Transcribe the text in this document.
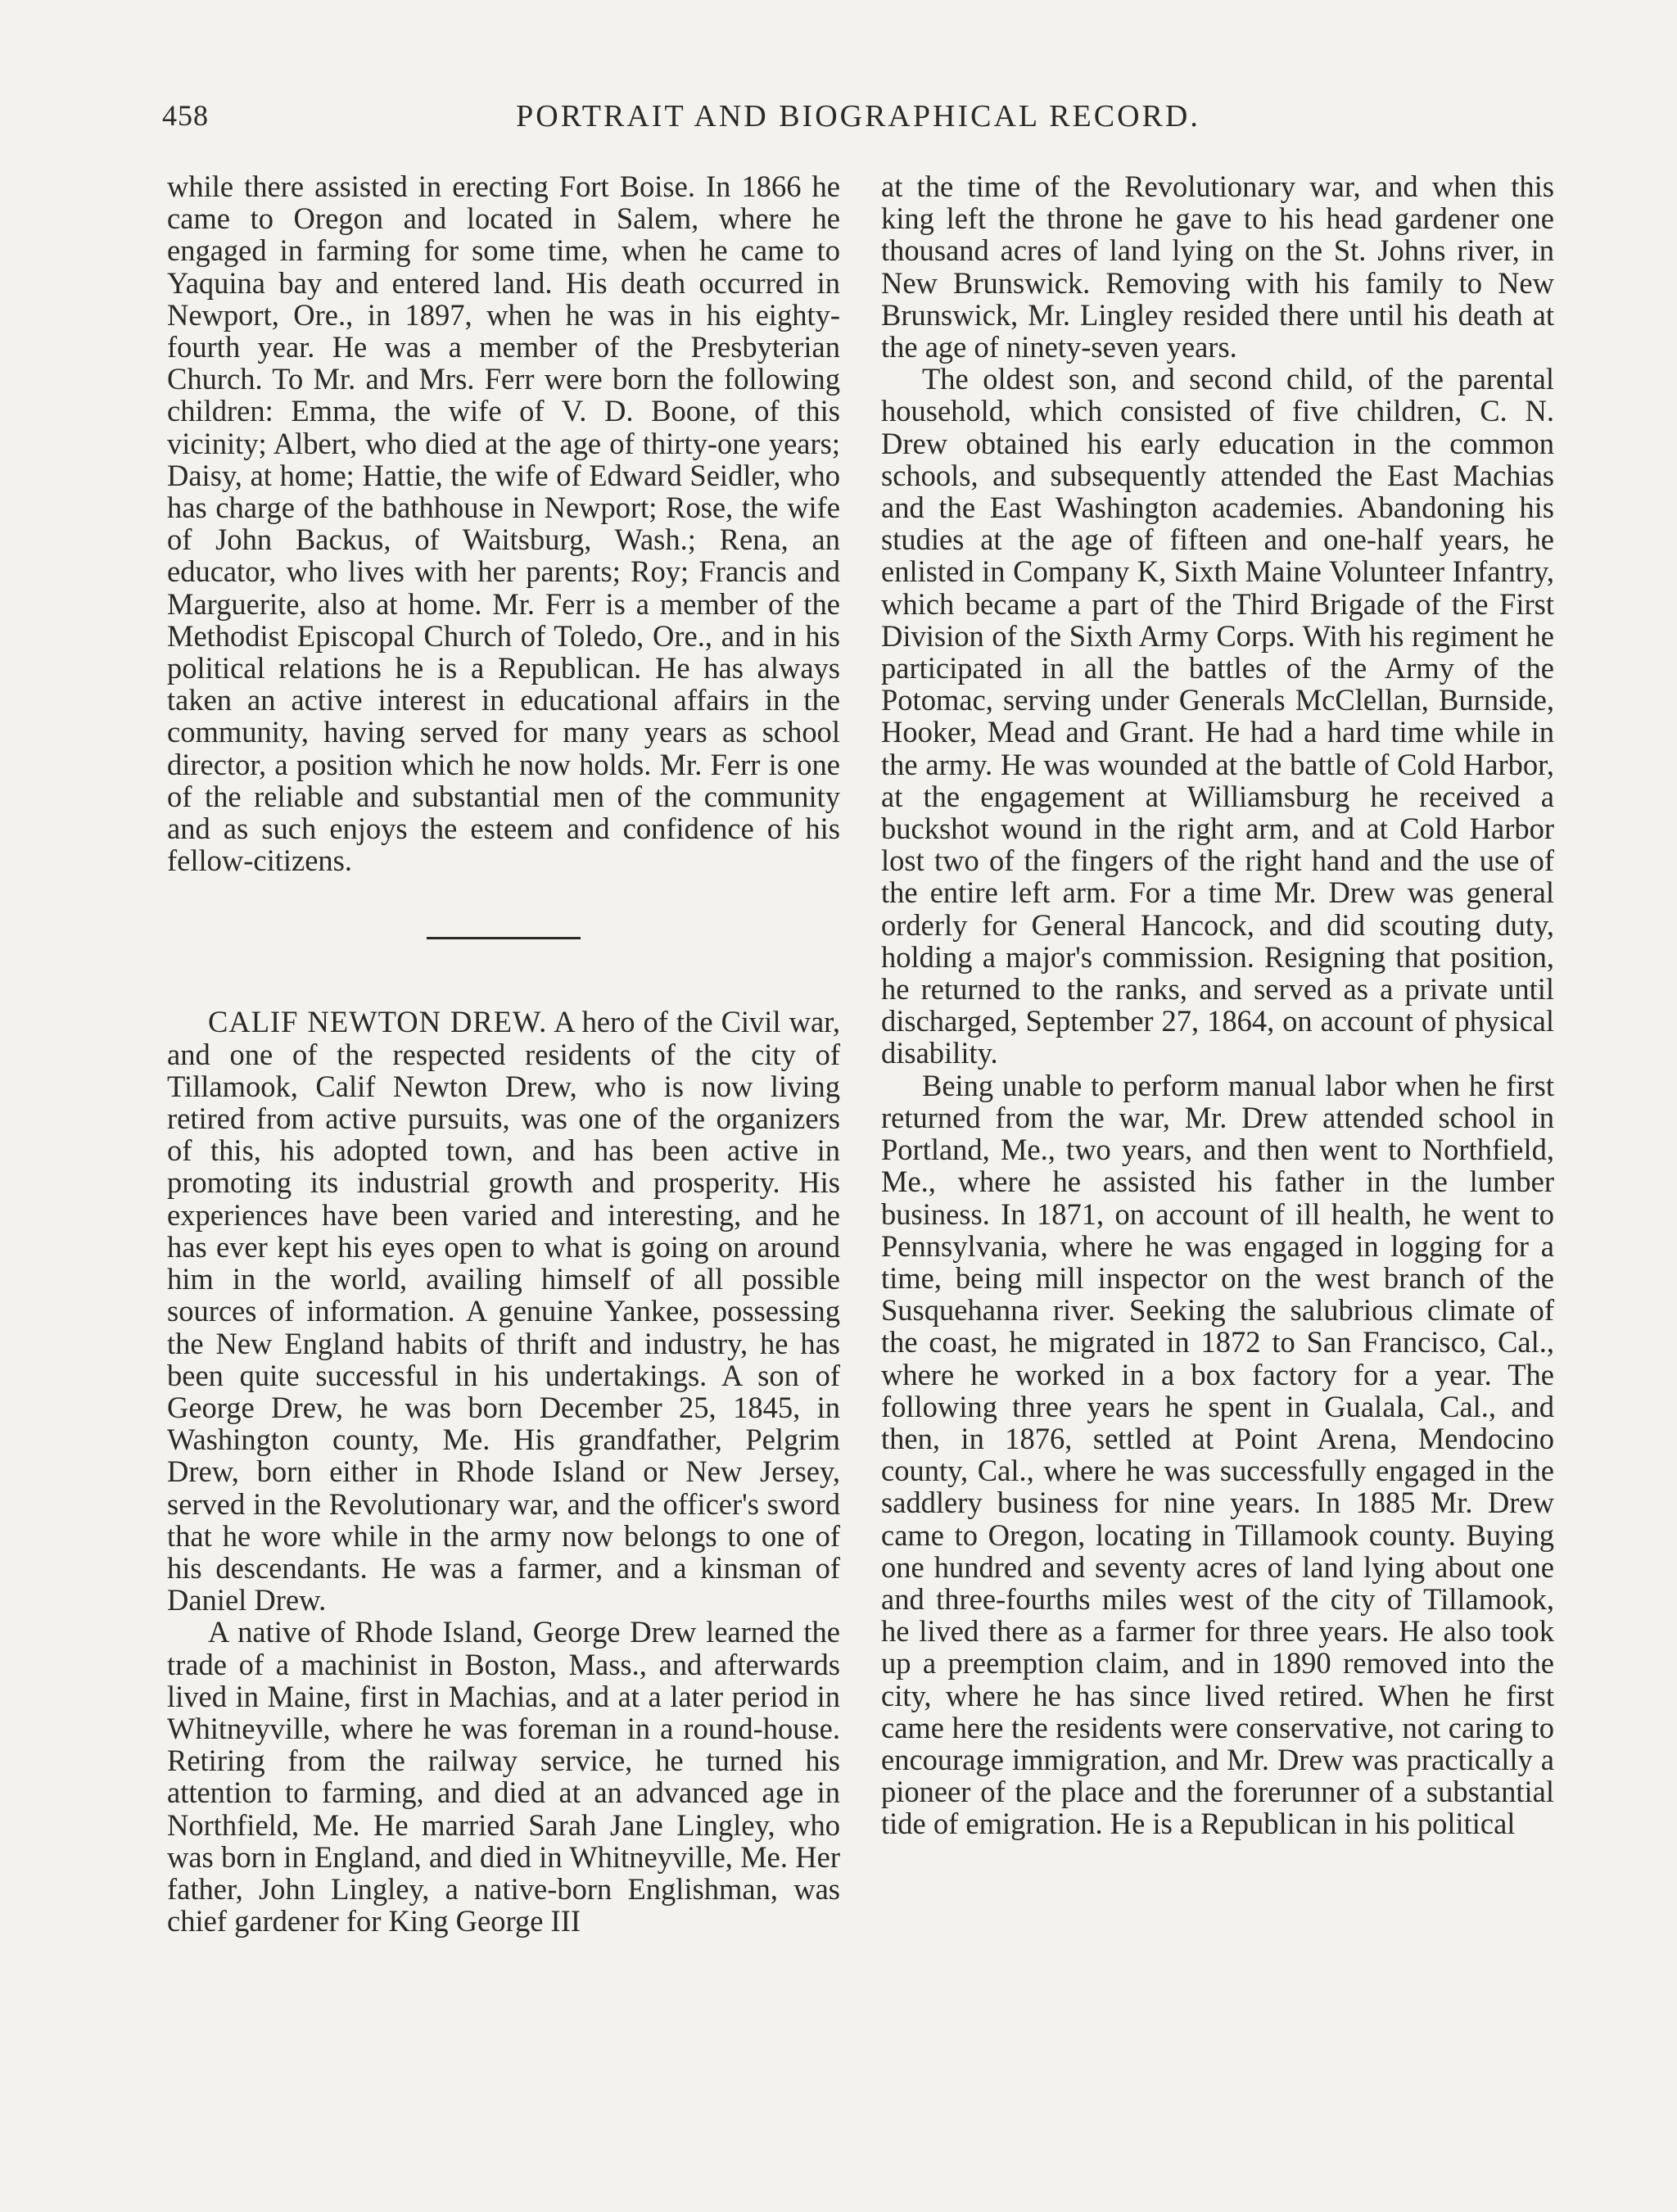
458	PORTRAIT AND BIOGRAPHICAL RECORD.

while there assisted in erecting Fort Boise. In 1866 he came to Oregon and located in Salem, where he engaged in farming for some time, when he came to Yaquina bay and entered land. His death occurred in Newport, Ore., in 1897, when he was in his eighty-fourth year. He was a member of the Presbyterian Church. To Mr. and Mrs. Ferr were born the following children: Emma, the wife of V. D. Boone, of this vicinity; Albert, who died at the age of thirty-one years; Daisy, at home; Hattie, the wife of Edward Seidler, who has charge of the bathhouse in Newport; Rose, the wife of John Backus, of Waitsburg, Wash.; Rena, an educator, who lives with her parents; Roy; Francis and Marguerite, also at home. Mr. Ferr is a member of the Methodist Episcopal Church of Toledo, Ore., and in his political relations he is a Republican. He has always taken an active interest in educational affairs in the community, having served for many years as school director, a position which he now holds. Mr. Ferr is one of the reliable and substantial men of the community and as such enjoys the esteem and confidence of his fellow-citizens.

CALIF NEWTON DREW. A hero of the Civil war, and one of the respected residents of the city of Tillamook, Calif Newton Drew, who is now living retired from active pursuits, was one of the organizers of this, his adopted town, and has been active in promoting its industrial growth and prosperity. His experiences have been varied and interesting, and he has ever kept his eyes open to what is going on around him in the world, availing himself of all possible sources of information. A genuine Yankee, possessing the New England habits of thrift and industry, he has been quite successful in his undertakings. A son of George Drew, he was born December 25, 1845, in Washington county, Me. His grandfather, Pelgrim Drew, born either in Rhode Island or New Jersey, served in the Revolutionary war, and the officer's sword that he wore while in the army now belongs to one of his descendants. He was a farmer, and a kinsman of Daniel Drew.

A native of Rhode Island, George Drew learned the trade of a machinist in Boston, Mass., and afterwards lived in Maine, first in Machias, and at a later period in Whitneyville, where he was foreman in a round-house. Retiring from the railway service, he turned his attention to farming, and died at an advanced age in Northfield, Me. He married Sarah Jane Lingley, who was born in England, and died in Whitneyville, Me. Her father, John Lingley, a native-born Englishman, was chief gardener for King George III

at the time of the Revolutionary war, and when this king left the throne he gave to his head gardener one thousand acres of land lying on the St. Johns river, in New Brunswick. Removing with his family to New Brunswick, Mr. Lingley resided there until his death at the age of ninety-seven years.

The oldest son, and second child, of the parental household, which consisted of five children, C. N. Drew obtained his early education in the common schools, and subsequently attended the East Machias and the East Washington academies. Abandoning his studies at the age of fifteen and one-half years, he enlisted in Company K, Sixth Maine Volunteer Infantry, which became a part of the Third Brigade of the First Division of the Sixth Army Corps. With his regiment he participated in all the battles of the Army of the Potomac, serving under Generals McClellan, Burnside, Hooker, Mead and Grant. He had a hard time while in the army. He was wounded at the battle of Cold Harbor, at the engagement at Williamsburg he received a buckshot wound in the right arm, and at Cold Harbor lost two of the fingers of the right hand and the use of the entire left arm. For a time Mr. Drew was general orderly for General Hancock, and did scouting duty, holding a major's commission. Resigning that position, he returned to the ranks, and served as a private until discharged, September 27, 1864, on account of physical disability.

Being unable to perform manual labor when he first returned from the war, Mr. Drew attended school in Portland, Me., two years, and then went to Northfield, Me., where he assisted his father in the lumber business. In 1871, on account of ill health, he went to Pennsylvania, where he was engaged in logging for a time, being mill inspector on the west branch of the Susquehanna river. Seeking the salubrious climate of the coast, he migrated in 1872 to San Francisco, Cal., where he worked in a box factory for a year. The following three years he spent in Gualala, Cal., and then, in 1876, settled at Point Arena, Mendocino county, Cal., where he was successfully engaged in the saddlery business for nine years. In 1885 Mr. Drew came to Oregon, locating in Tillamook county. Buying one hundred and seventy acres of land lying about one and three-fourths miles west of the city of Tillamook, he lived there as a farmer for three years. He also took up a preemption claim, and in 1890 removed into the city, where he has since lived retired. When he first came here the residents were conservative, not caring to encourage immigration, and Mr. Drew was practically a pioneer of the place and the forerunner of a substantial tide of emigration. He is a Republican in his political
